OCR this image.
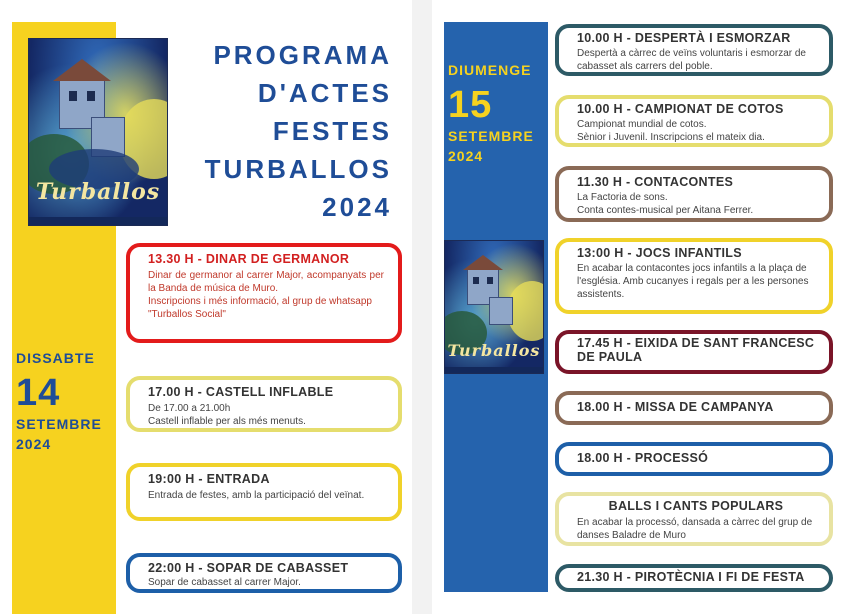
Turballos
Turballos
PROGRAMA
D'ACTES
FESTES
TURBALLOS
2024
DISSABTE
14
SETEMBRE
2024
DIUMENGE
15
SETEMBRE
2024
13.30 H - DINAR DE GERMANOR
Dinar de germanor al carrer Major, acompanyats per la Banda de música de Muro.
Inscripcions i més informació, al grup de whatsapp "Turballos Social"
17.00 H - CASTELL INFLABLE
De 17.00 a 21.00h
Castell inflable per als més menuts.
19:00 H - ENTRADA
Entrada de festes, amb la participació del veïnat.
22:00 H - SOPAR DE CABASSET
Sopar de cabasset al carrer Major.
10.00 H - DESPERTÀ I ESMORZAR
Despertà a càrrec de veïns voluntaris i esmorzar de cabasset als carrers del poble.
10.00 H - CAMPIONAT DE COTOS
Campionat mundial de cotos.
Sènior i Juvenil. Inscripcions el mateix dia.
11.30 H - CONTACONTES
La Factoria de sons.
Conta contes-musical per Aitana Ferrer.
13:00 H - JOCS INFANTILS
En acabar la contacontes jocs infantils a la plaça de l'església. Amb cucanyes i regals per a les persones assistents.
17.45 H - EIXIDA DE SANT FRANCESC DE PAULA
18.00 H - MISSA DE CAMPANYA
18.00 H - PROCESSÓ
BALLS I CANTS POPULARS
En acabar la processó, dansada a càrrec del grup de danses Baladre de Muro
21.30 H - PIROTÈCNIA I FI DE FESTA
